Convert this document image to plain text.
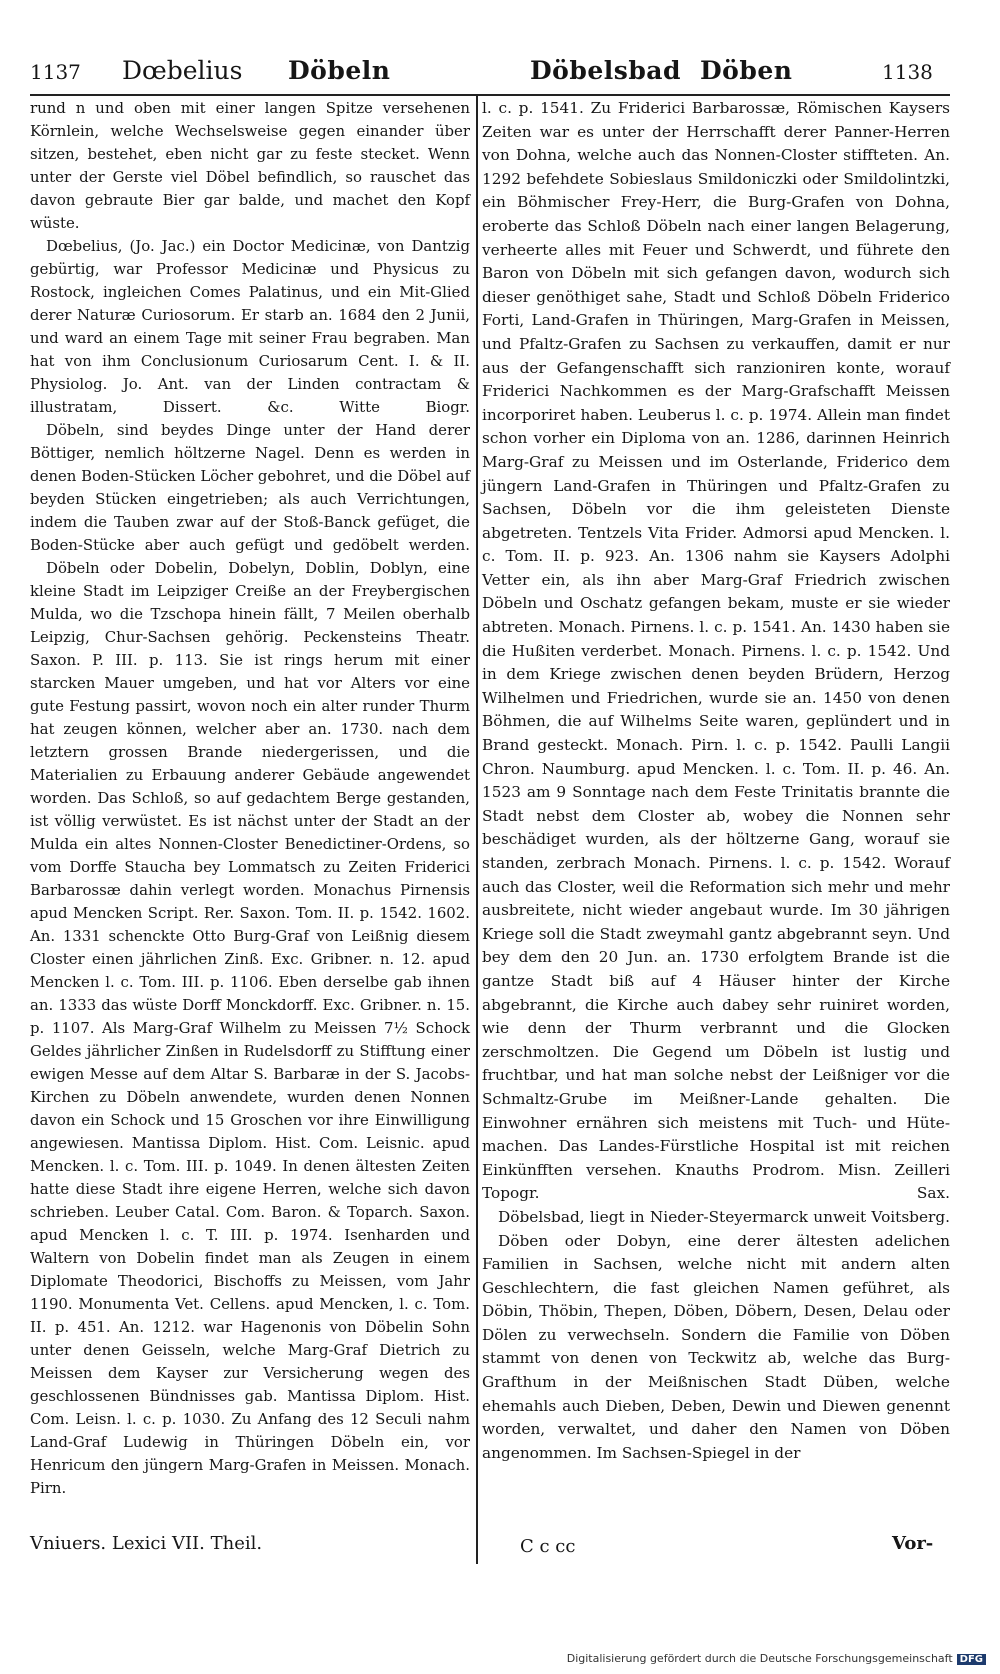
1137 Dœbelius Döbeln	Döbelsbad Döben	1138

rund n und oben mit einer langen Spitze versehenen Körnlein, welche Wechselsweise gegen einander über sitzen, bestehet, eben nicht gar zu feste stecket. Wenn unter der Gerste viel Döbel befindlich, so rauschet das davon gebraute Bier gar balde, und machet den Kopf wüste.

Dœbelius, (Jo. Jac.) ein Doctor Medicinæ, von Dantzig gebürtig, war Professor Medicinæ und Physicus zu Rostock, ingleichen Comes Palatinus, und ein Mit-Glied derer Naturæ Curiosorum. Er starb an. 1684 den 2 Junii, und ward an einem Tage mit seiner Frau begraben. Man hat von ihm Conclusionum Curiosarum Cent. I. & II. Physiolog. Jo. Ant. van der Linden contractam & illustratam, Dissert. &c. Witte Biogr.

Döbeln, sind beydes Dinge unter der Hand derer Böttiger, nemlich höltzerne Nagel. Denn es werden in denen Boden-Stücken Löcher gebohret, und die Döbel auf beyden Stücken eingetrieben; als auch Verrichtungen, indem die Tauben zwar auf der Stoß-Banck gefüget, die Boden-Stücke aber auch gefügt und gedöbelt werden.

Döbeln oder Dobelin, Dobelyn, Doblin, Doblyn, eine kleine Stadt im Leipziger Creiße an der Freybergischen Mulda, wo die Tzschopa hinein fällt, 7 Meilen oberhalb Leipzig, Chur-Sachsen gehörig. Peckensteins Theatr. Saxon. P. III. p. 113. Sie ist rings herum mit einer starcken Mauer umgeben, und hat vor Alters vor eine gute Festung passirt, wovon noch ein alter runder Thurm hat zeugen können, welcher aber an. 1730. nach dem letztern grossen Brande niedergerissen, und die Materialien zu Erbauung anderer Gebäude angewendet worden. Das Schloß, so auf gedachtem Berge gestanden, ist völlig verwüstet. Es ist nächst unter der Stadt an der Mulda ein altes Nonnen-Closter Benedictiner-Ordens, so vom Dorffe Staucha bey Lommatsch zu Zeiten Friderici Barbarossæ dahin verlegt worden. Monachus Pirnensis apud Mencken Script. Rer. Saxon. Tom. II. p. 1542. 1602. An. 1331 schenckte Otto Burg-Graf von Leißnig diesem Closter einen jährlichen Zinß. Exc. Gribner. n. 12. apud Mencken l. c. Tom. III. p. 1106. Eben derselbe gab ihnen an. 1333 das wüste Dorff Monckdorff. Exc. Gribner. n. 15. p. 1107. Als Marg-Graf Wilhelm zu Meissen 7½ Schock Geldes jährlicher Zinßen in Rudelsdorff zu Stifftung einer ewigen Messe auf dem Altar S. Barbaræ in der S. Jacobs-Kirchen zu Döbeln anwendete, wurden denen Nonnen davon ein Schock und 15 Groschen vor ihre Einwilligung angewiesen. Mantissa Diplom. Hist. Com. Leisnic. apud Mencken. l. c. Tom. III. p. 1049. In denen ältesten Zeiten hatte diese Stadt ihre eigene Herren, welche sich davon schrieben. Leuber Catal. Com. Baron. & Toparch. Saxon. apud Mencken l. c. T. III. p. 1974. Isenharden und Waltern von Dobelin findet man als Zeugen in einem Diplomate Theodorici, Bischoffs zu Meissen, vom Jahr 1190. Monumenta Vet. Cellens. apud Mencken, l. c. Tom. II. p. 451. An. 1212. war Hagenonis von Döbelin Sohn unter denen Geisseln, welche Marg-Graf Dietrich zu Meissen dem Kayser zur Versicherung wegen des geschlossenen Bündnisses gab. Mantissa Diplom. Hist. Com. Leisn. l. c. p. 1030. Zu Anfang des 12 Seculi nahm Land-Graf Ludewig in Thüringen Döbeln ein, vor Henricum den jüngern Marg-Grafen in Meissen. Monach. Pirn.

l. c. p. 1541. Zu Friderici Barbarossæ, Römischen Kaysers Zeiten war es unter der Herrschafft derer Panner-Herren von Dohna, welche auch das Nonnen-Closter stiffteten. An. 1292 befehdete Sobieslaus Smildoniczki oder Smildolintzki, ein Böhmischer Frey-Herr, die Burg-Grafen von Dohna, eroberte das Schloß Döbeln nach einer langen Belagerung, verheerte alles mit Feuer und Schwerdt, und führete den Baron von Döbeln mit sich gefangen davon, wodurch sich dieser genöthiget sahe, Stadt und Schloß Döbeln Friderico Forti, Land-Grafen in Thüringen, Marg-Grafen in Meissen, und Pfaltz-Grafen zu Sachsen zu verkauffen, damit er nur aus der Gefangenschafft sich ranzioniren konte, worauf Friderici Nachkommen es der Marg-Grafschafft Meissen incorporiret haben. Leuberus l. c. p. 1974. Allein man findet schon vorher ein Diploma von an. 1286, darinnen Heinrich Marg-Graf zu Meissen und im Osterlande, Friderico dem jüngern Land-Grafen in Thüringen und Pfaltz-Grafen zu Sachsen, Döbeln vor die ihm geleisteten Dienste abgetreten. Tentzels Vita Frider. Admorsi apud Mencken. l. c. Tom. II. p. 923. An. 1306 nahm sie Kaysers Adolphi Vetter ein, als ihn aber Marg-Graf Friedrich zwischen Döbeln und Oschatz gefangen bekam, muste er sie wieder abtreten. Monach. Pirnens. l. c. p. 1541. An. 1430 haben sie die Hußiten verderbet. Monach. Pirnens. l. c. p. 1542. Und in dem Kriege zwischen denen beyden Brüdern, Herzog Wilhelmen und Friedrichen, wurde sie an. 1450 von denen Böhmen, die auf Wilhelms Seite waren, geplündert und in Brand gesteckt. Monach. Pirn. l. c. p. 1542. Paulli Langii Chron. Naumburg. apud Mencken. l. c. Tom. II. p. 46. An. 1523 am 9 Sonntage nach dem Feste Trinitatis brannte die Stadt nebst dem Closter ab, wobey die Nonnen sehr beschädiget wurden, als der höltzerne Gang, worauf sie standen, zerbrach Monach. Pirnens. l. c. p. 1542. Worauf auch das Closter, weil die Reformation sich mehr und mehr ausbreitete, nicht wieder angebaut wurde. Im 30 jährigen Kriege soll die Stadt zweymahl gantz abgebrannt seyn. Und bey dem den 20 Jun. an. 1730 erfolgtem Brande ist die gantze Stadt biß auf 4 Häuser hinter der Kirche abgebrannt, die Kirche auch dabey sehr ruiniret worden, wie denn der Thurm verbrannt und die Glocken zerschmoltzen. Die Gegend um Döbeln ist lustig und fruchtbar, und hat man solche nebst der Leißniger vor die Schmaltz-Grube im Meißner-Lande gehalten. Die Einwohner ernähren sich meistens mit Tuch- und Hüte-machen. Das Landes-Fürstliche Hospital ist mit reichen Einkünfften versehen. Knauths Prodrom. Misn. Zeilleri Topogr. Sax.

Döbelsbad, liegt in Nieder-Steyermarck unweit Voitsberg.

Döben oder Dobyn, eine derer ältesten adelichen Familien in Sachsen, welche nicht mit andern alten Geschlechtern, die fast gleichen Namen geführet, als Döbin, Thöbin, Thepen, Döben, Döbern, Desen, Delau oder Dölen zu verwechseln. Sondern die Familie von Döben stammt von denen von Teckwitz ab, welche das Burg-Grafthum in der Meißnischen Stadt Düben, welche ehemahls auch Dieben, Deben, Dewin und Diewen genennt worden, verwaltet, und daher den Namen von Döben angenommen. Im Sachsen-Spiegel in der

Vniuers. Lexici VII. Theil.	C c cc	Vor-
Digitalisierung gefördert durch die Deutsche Forschungsgemeinschaft DFG
